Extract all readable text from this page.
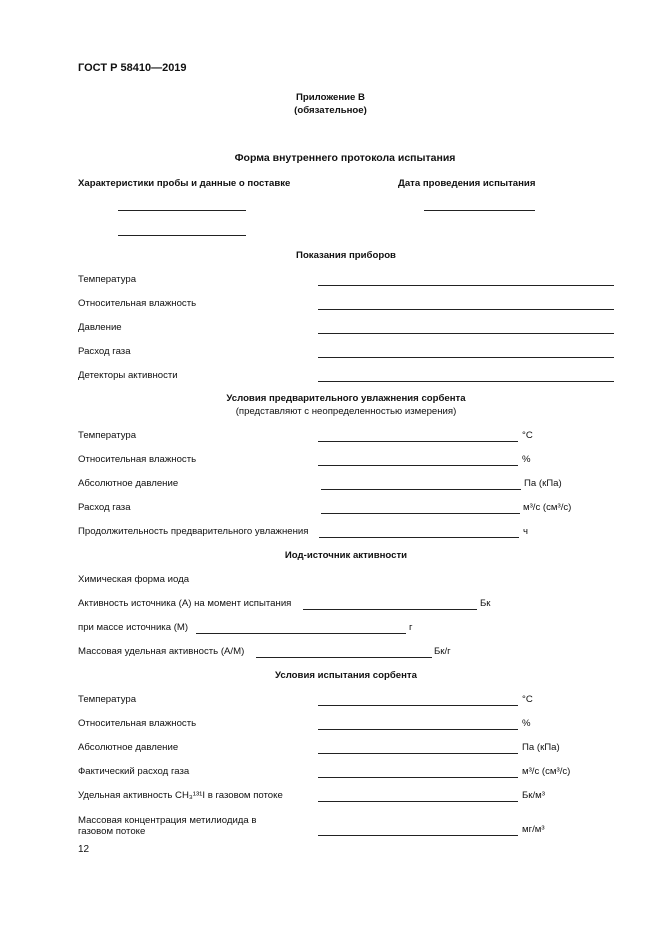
ГОСТ Р 58410—2019
Приложение В
(обязательное)
Форма внутреннего протокола испытания
Характеристики пробы и данные о поставке	Дата проведения испытания
Показания приборов
Температура
Относительная влажность
Давление
Расход газа
Детекторы активности
Условия предварительного увлажнения сорбента
(представляют с неопределенностью измерения)
Температура	°С
Относительная влажность	%
Абсолютное давление	Па (кПа)
Расход газа	м³/с (см³/с)
Продолжительность предварительного увлажнения	ч
Иод-источник активности
Химическая форма иода
Активность источника (А) на момент испытания	Бк
при массе источника (М)	г
Массовая удельная активность (А/М)	Бк/г
Условия испытания сорбента
Температура	°С
Относительная влажность	%
Абсолютное давление	Па (кПа)
Фактический расход газа	м³/с (см³/с)
Удельная активность CH₃¹³¹I в газовом потоке	Бк/м³
Массовая концентрация метилиодида в газовом потоке	мг/м³
12
